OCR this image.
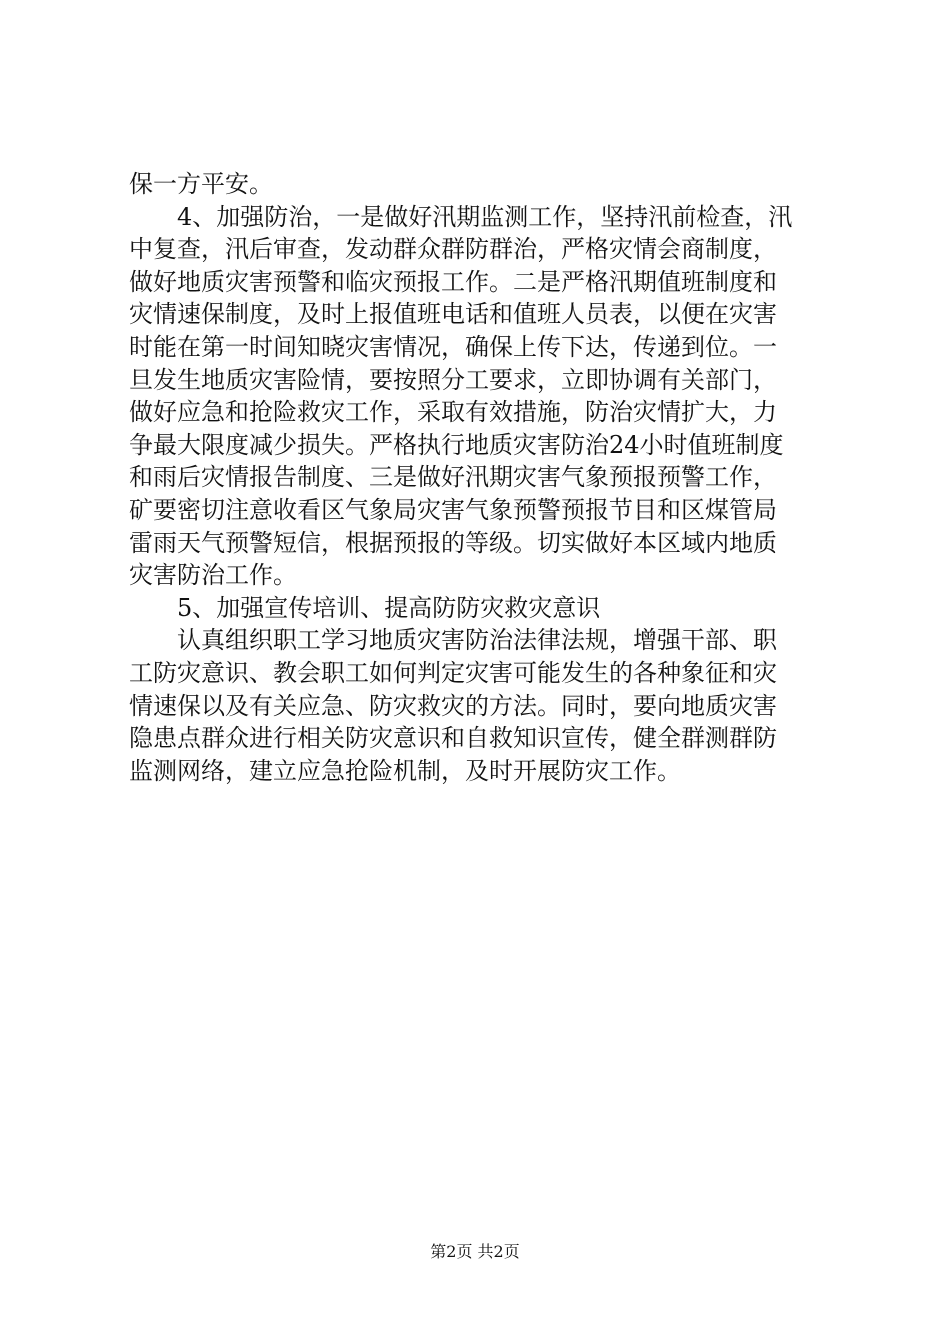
保一方平安。
　　4、加强防治，一是做好汛期监测工作，坚持汛前检查，汛
中复查，汛后审查，发动群众群防群治，严格灾情会商制度，
做好地质灾害预警和临灾预报工作。二是严格汛期值班制度和
灾情速保制度，及时上报值班电话和值班人员表，以便在灾害
时能在第一时间知晓灾害情况，确保上传下达，传递到位。一
旦发生地质灾害险情，要按照分工要求，立即协调有关部门，
做好应急和抢险救灾工作，采取有效措施，防治灾情扩大，力
争最大限度减少损失。严格执行地质灾害防治24小时值班制度
和雨后灾情报告制度、三是做好汛期灾害气象预报预警工作，
矿要密切注意收看区气象局灾害气象预警预报节目和区煤管局
雷雨天气预警短信，根据预报的等级。切实做好本区域内地质
灾害防治工作。
　　5、加强宣传培训、提高防防灾救灾意识
　　认真组织职工学习地质灾害防治法律法规，增强干部、职
工防灾意识、教会职工如何判定灾害可能发生的各种象征和灾
情速保以及有关应急、防灾救灾的方法。同时，要向地质灾害
隐患点群众进行相关防灾意识和自救知识宣传，健全群测群防
监测网络，建立应急抢险机制，及时开展防灾工作。
第2页 共2页
